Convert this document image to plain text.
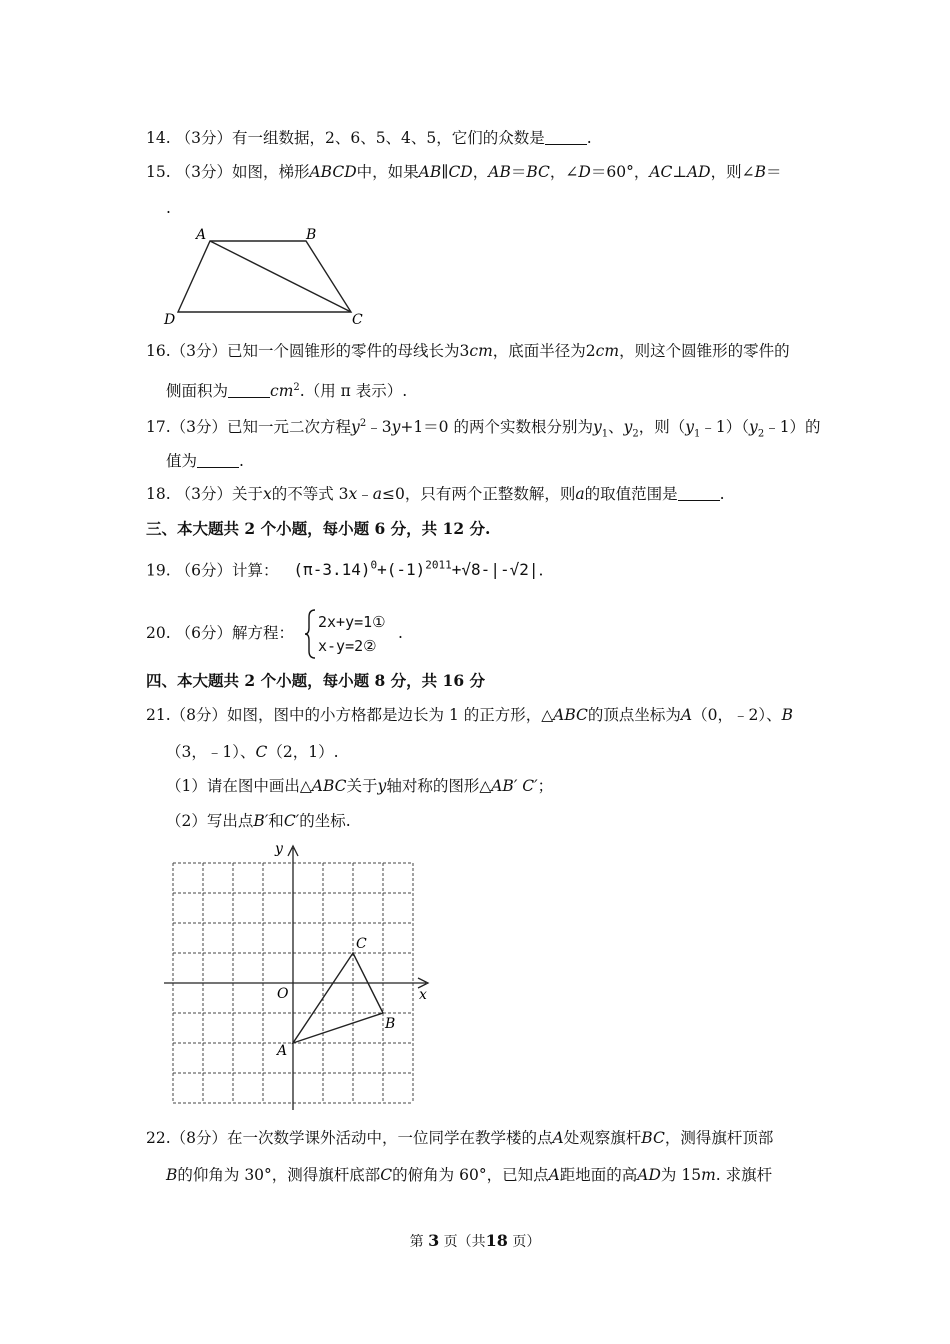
14. （3分）有一组数据，2、6、5、4、5，它们的众数是	.
15. （3分）如图，梯形ABCD中，如果AB∥CD，AB＝BC，∠D＝60°，AC⊥AD，则∠B＝
.
A	B
C
D
16.（3分）已知一个圆锥形的零件的母线长为3cm，底面半径为2cm，则这个圆锥形的零件的
侧面积为	$cm^2$.（用 π 表示）.
17.（3分）已知一元二次方程$y^2﹣3y+1=0$ 的两个实数根分别为$y_1$、$y_2$，则$(y_1﹣1)(y_2﹣1)$的
值为	.
18. （3分）关于x的不等式 3x﹣a≤0，只有两个正整数解，则a的取值范围是	.
三、本大题共 2 个小题，每小题 6 分，共 12 分.
19. （6分）计算： $(\pi-3.14)^0+(-1)^{2011}+√8-|-√2|$.
20. （6分）解方程：
2x+y=1①
x-y=2②
.
四、本大题共 2 个小题，每小题 8 分，共 16 分
21.（8分）如图，图中的小方格都是边长为 1 的正方形，△ABC的顶点坐标为A（0，﹣2）、B
（3，﹣1）、C（2，1）.
（1）请在图中画出△ABC关于y轴对称的图形△AB′ C′；
（2）写出点B′和C′的坐标.
y
x
O
A
B
C
22.（8分）在一次数学课外活动中，一位同学在教学楼的点A处观察旗杆BC，测得旗杆顶部
B的仰角为 30°，测得旗杆底部C的俯角为 60°，已知点A距地面的高AD为 15m. 求旗杆
第 3 页（共18 页）
